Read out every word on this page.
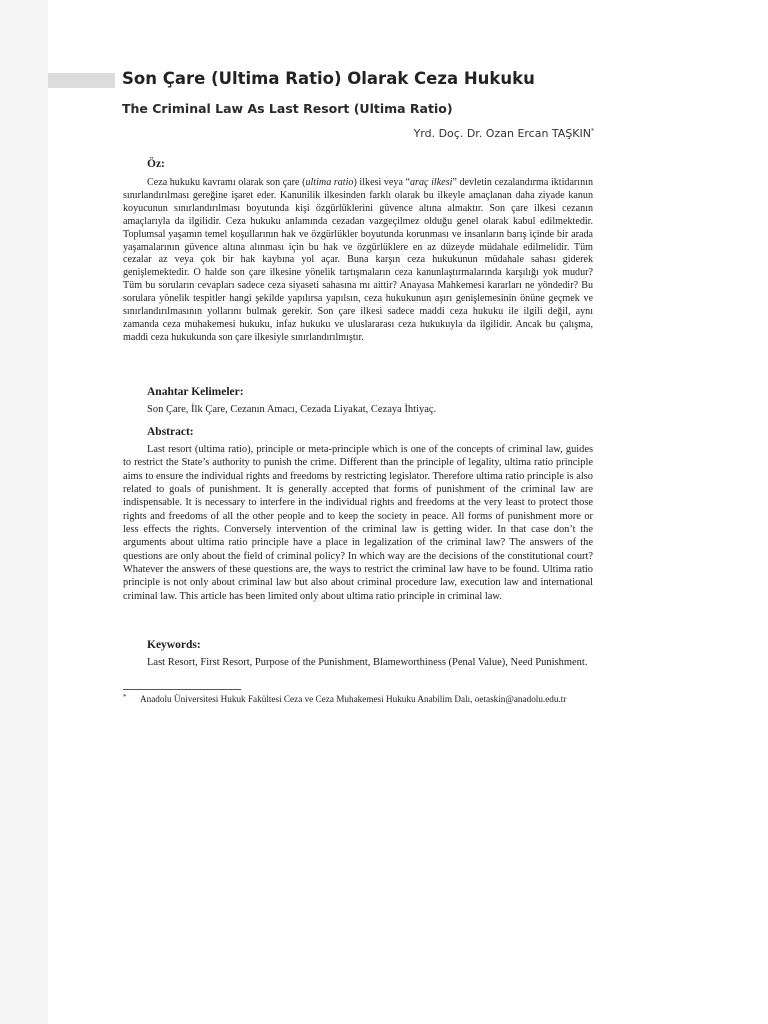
Son Çare (Ultima Ratio) Olarak Ceza Hukuku
The Criminal Law As Last Resort (Ultima Ratio)
Yrd. Doç. Dr. Ozan Ercan TAŞKIN*
Öz:

Ceza hukuku kavramı olarak son çare (ultima ratio) ilkesi veya “araç ilkesi” devletin cezalandırma iktidarının sınırlandırılması gereğine işaret eder. Kanunilik ilkesinden farklı olarak bu ilkeyle amaçlanan daha ziyade kanun koyucunun sınırlandırılması boyutunda kişi özgürlüklerini güvence altına almaktır. Son çare ilkesi cezanın amaçlarıyla da ilgilidir. Ceza hukuku anlamında cezadan vazgeçilmez olduğu genel olarak kabul edilmektedir. Toplumsal yaşamın temel koşullarının hak ve özgürlükler boyutunda korunması ve insanların barış içinde bir arada yaşamalarının güvence altına alınması için bu hak ve özgürlüklere en az düzeyde müdahale edilmelidir. Tüm cezalar az veya çok bir hak kaybına yol açar. Buna karşın ceza hukukunun müdahale sahası giderek genişlemektedir. O halde son çare ilkesine yönelik tartışmaların ceza kanunlaştırmalarında karşılığı yok mudur? Tüm bu soruların cevapları sadece ceza siyaseti sahasına mı aittir? Anayasa Mahkemesi kararları ne yöndedir? Bu sorulara yönelik tespitler hangi şekilde yapılırsa yapılsın, ceza hukukunun aşırı genişlemesinin önüne geçmek ve sınırlandırılmasının yollarını bulmak gerekir. Son çare ilkesi sadece maddi ceza hukuku ile ilgili değil, aynı zamanda ceza muhakemesi hukuku, infaz hukuku ve uluslararası ceza hukukuyla da ilgilidir. Ancak bu çalışma, maddi ceza hukukunda son çare ilkesiyle sınırlandırılmıştır.

Anahtar Kelimeler:

Son Çare, İlk Çare, Cezanın Amacı, Cezada Liyakat, Cezaya İhtiyaç.

Abstract:

Last resort (ultima ratio), principle or meta-principle which is one of the concepts of criminal law, guides to restrict the State’s authority to punish the crime. Different than the principle of legality, ultima ratio principle aims to ensure the individual rights and freedoms by restricting legislator. Therefore ultima ratio principle is also related to goals of punishment. It is generally accepted that forms of punishment of the criminal law are indispensable. It is necessary to interfere in the individual rights and freedoms at the very least to protect those rights and freedoms of all the other people and to keep the society in peace. All forms of punishment more or less effects the rights. Conversely intervention of the criminal law is getting wider. In that case don’t the arguments about ultima ratio principle have a place in legalization of the criminal law? The answers of the questions are only about the field of criminal policy? In which way are the decisions of the constitutional court? Whatever the answers of these questions are, the ways to restrict the criminal law have to be found. Ultima ratio principle is not only about criminal law but also about criminal procedure law, execution law and international criminal law. This article has been limited only about ultima ratio principle in criminal law.

Keywords:

Last Resort, First Resort, Purpose of the Punishment, Blameworthiness (Penal Value), Need Punishment.

*	Anadolu Üniversitesi Hukuk Fakültesi Ceza ve Ceza Muhakemesi Hukuku Anabilim Dalı, oetaskin@anadolu.edu.tr
